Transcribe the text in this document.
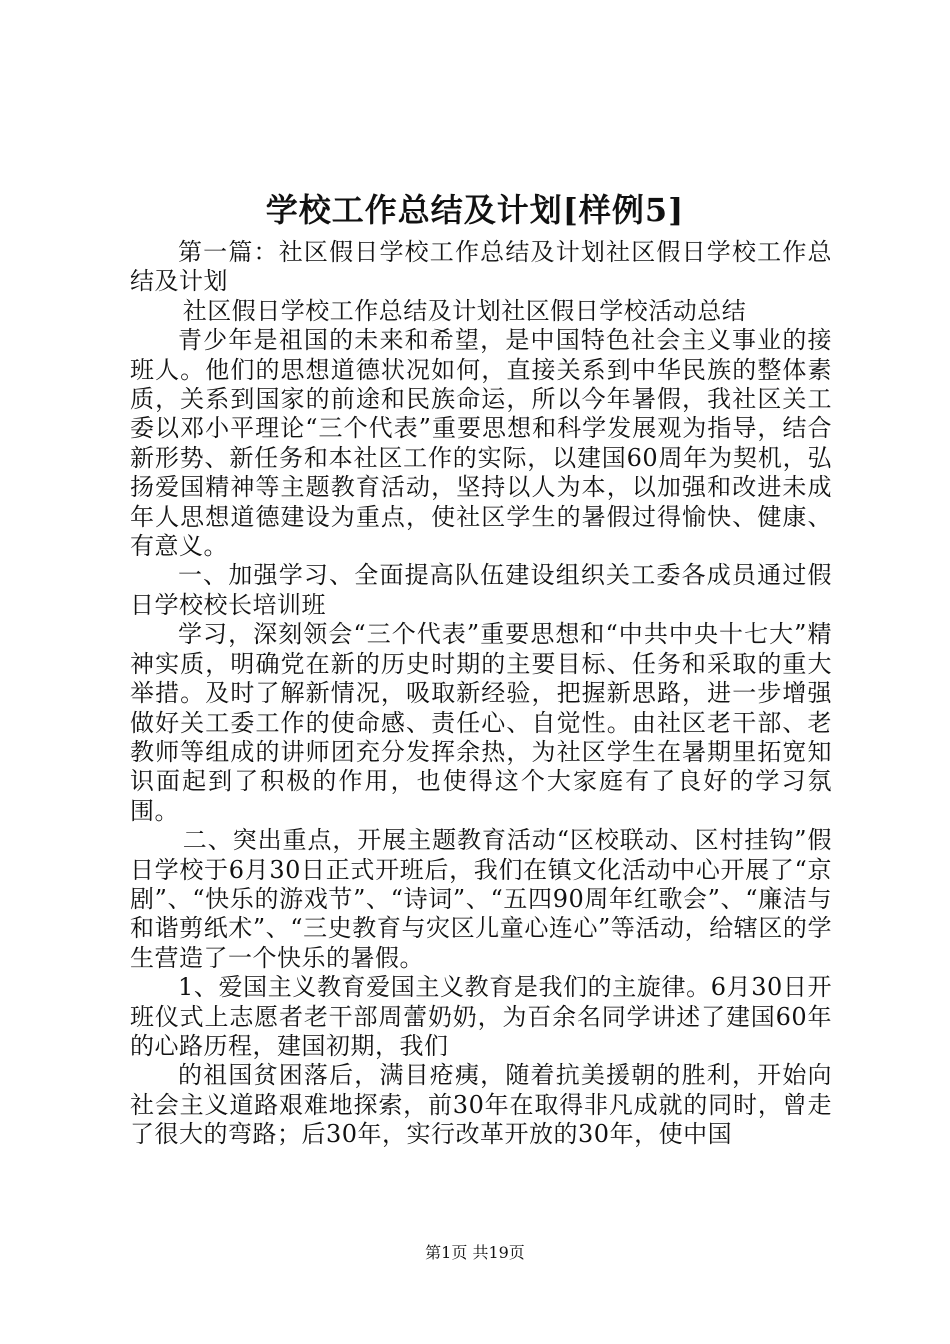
学校工作总结及计划[样例5]

第一篇：社区假日学校工作总结及计划社区假日学校工作总结及计划

社区假日学校工作总结及计划社区假日学校活动总结

青少年是祖国的未来和希望，是中国特色社会主义事业的接班人。他们的思想道德状况如何，直接关系到中华民族的整体素质，关系到国家的前途和民族命运，所以今年暑假，我社区关工委以邓小平理论“三个代表”重要思想和科学发展观为指导，结合新形势、新任务和本社区工作的实际，以建国60周年为契机，弘扬爱国精神等主题教育活动，坚持以人为本，以加强和改进未成年人思想道德建设为重点，使社区学生的暑假过得愉快、健康、有意义。

一、加强学习、全面提高队伍建设组织关工委各成员通过假日学校校长培训班

学习，深刻领会“三个代表”重要思想和“中共中央十七大”精神实质，明确党在新的历史时期的主要目标、任务和采取的重大举措。及时了解新情况，吸取新经验，把握新思路，进一步增强做好关工委工作的使命感、责任心、自觉性。由社区老干部、老教师等组成的讲师团充分发挥余热，为社区学生在暑期里拓宽知识面起到了积极的作用，也使得这个大家庭有了良好的学习氛围。

二、突出重点，开展主题教育活动“区校联动、区村挂钩”假日学校于6月30日正式开班后，我们在镇文化活动中心开展了“京剧”、“快乐的游戏节”、“诗词”、“五四90周年红歌会”、“廉洁与和谐剪纸术”、“三史教育与灾区儿童心连心”等活动，给辖区的学生营造了一个快乐的暑假。

1、爱国主义教育爱国主义教育是我们的主旋律。6月30日开班仪式上志愿者老干部周蕾奶奶，为百余名同学讲述了建国60年的心路历程，建国初期，我们

的祖国贫困落后，满目疮痍，随着抗美援朝的胜利，开始向社会主义道路艰难地探索，前30年在取得非凡成就的同时，曾走了很大的弯路；后30年，实行改革开放的30年，使中国

第1页 共19页
